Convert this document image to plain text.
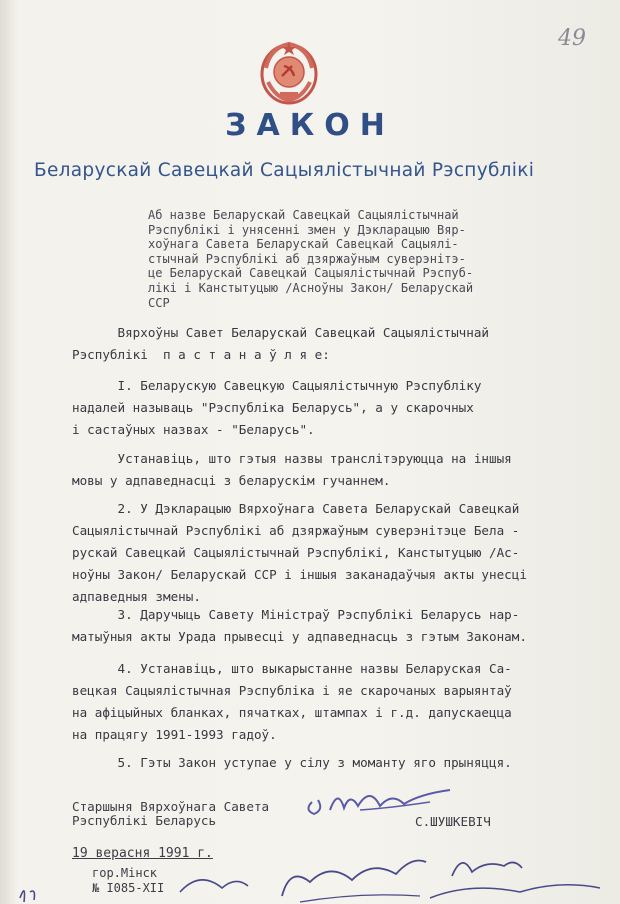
49
ЗАКОН
Беларускай Савецкай Сацыялістычнай Рэспублікі
Аб назве Беларускай Савецкай Сацыялістычнай
Рэспублікі і унясенні змен у Дэкларацыю Вяр-
хоўнага Савета Беларускай Савецкай Сацыялі-
стычнай Рэспублікі аб дзяржаўным суверэнітэ-
це Беларускай Савецкай Сацыялістычнай Рэспуб-
лікі і Канстытуцыю /Асноўны Закон/ Беларускай
ССР
Вярхоўны Савет Беларускай Савецкай Сацыялістычнай
Рэспублікі  п а с т а н а ў л я е:
І. Беларускую Савецкую Сацыялістычную Рэспубліку
надалей называць "Рэспубліка Беларусь", а у скарочных
і састаўных назвах - "Беларусь".
Устанавіць, што гэтыя назвы транслітэруюцца на іншыя
мовы у адпаведнасці з беларускім гучаннем.
2. У Дэкларацыю Вярхоўнага Савета Беларускай Савецкай
Сацыялістычнай Рэспублікі аб дзяржаўным суверэнітэце Бела -
рускай Савецкай Сацыялістычнай Рэспублікі, Канстытуцыю /Ас-
ноўны Закон/ Беларускай ССР і іншыя заканадаўчыя акты унесці
адпаведныя змены.
3. Даручыць Савету Міністраў Рэспублікі Беларусь нар-
матыўныя акты Урада прывесці у адпаведнасць з гэтым Законам.
4. Устанавіць, што выкарыстанне назвы Беларуская Са-
вецкая Сацыялістычная Рэспубліка і яе скарочаных варыянтаў
на афіцыйных бланках, пячатках, штампах і г.д. дапускаецца
на працягу 1991-1993 гадоў.
5. Гэты Закон уступае у сілу з моманту яго прыняцця.
Старшыня Вярхоўнага Савета
Рэспублікі Беларусь	С.ШУШКЕВІЧ
19 верасня 1991 г.
гор.Мінск
№ І085-XІІ
